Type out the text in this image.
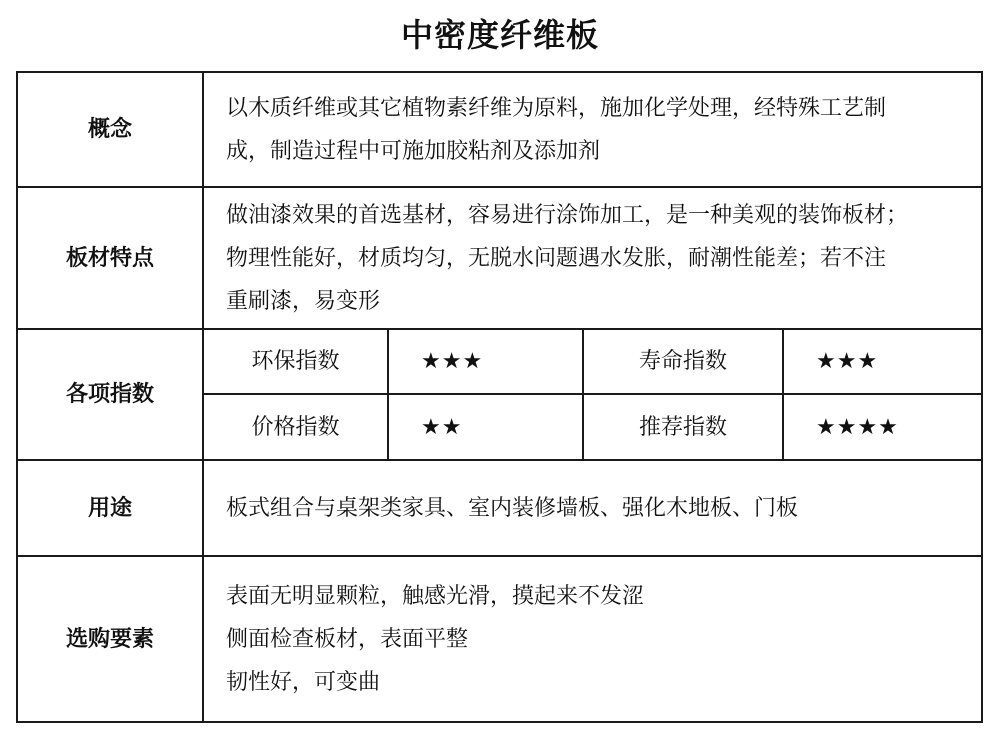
中密度纤维板
概念	以木质纤维或其它植物素纤维为原料，施加化学处理，经特殊工艺制
成，制造过程中可施加胶粘剂及添加剂			

板材特点	做油漆效果的首选基材，容易进行涂饰加工，是一种美观的装饰板材；
物理性能好，材质均匀，无脱水问题遇水发胀，耐潮性能差；若不注
重刷漆，易变形			

各项指数	环保指数	★★★	寿命指数	★★★
	价格指数	★★	推荐指数	★★★★
用途	板式组合与桌架类家具、室内装修墙板、强化木地板、门板			
选购要素	表面无明显颗粒，触感光滑，摸起来不发涩
侧面检查板材，表面平整
韧性好，可变曲			
